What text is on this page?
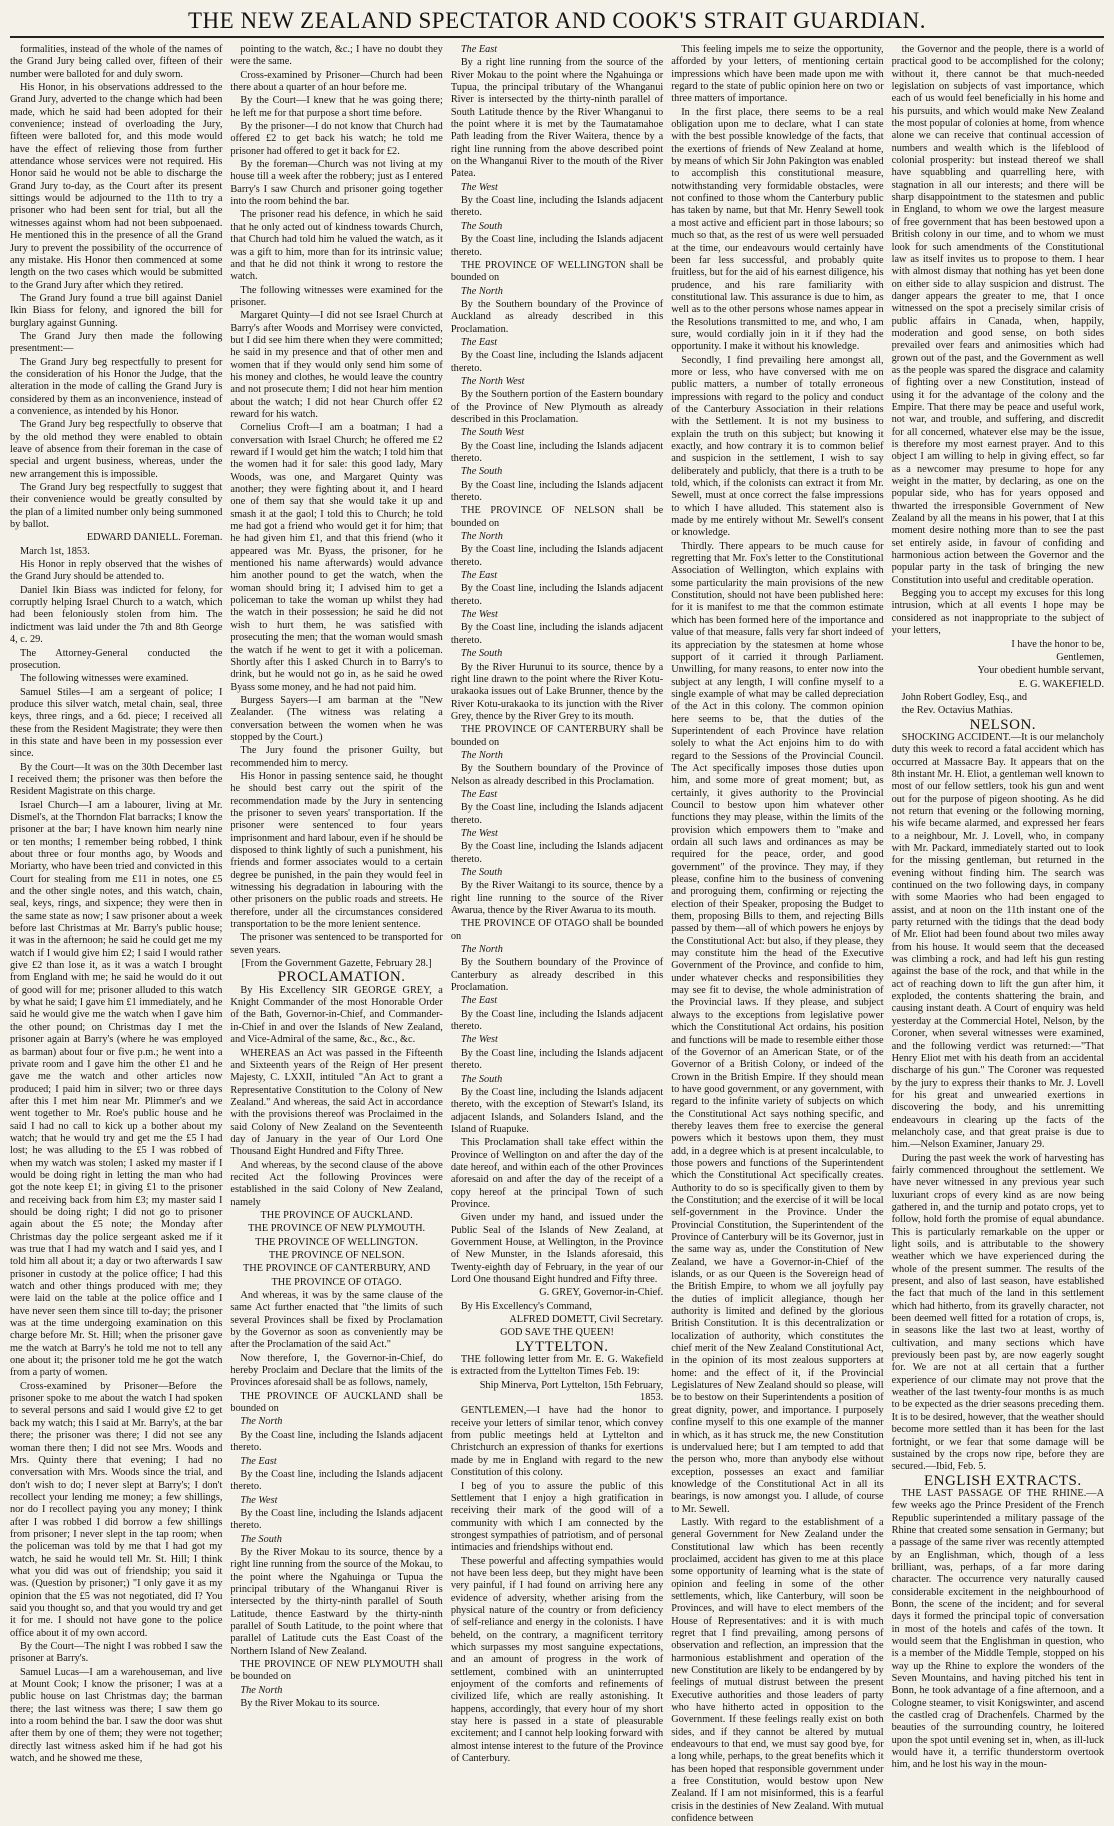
THE NEW ZEALAND SPECTATOR AND COOK'S STRAIT GUARDIAN.

formalities, instead of the whole of the names of the Grand Jury being called over, fifteen of their number were balloted for and duly sworn.

His Honor, in his observations addressed to the Grand Jury, adverted to the change which had been made, which he said had been adopted for their convenience; instead of overloading the Jury, fifteen were balloted for, and this mode would have the effect of relieving those from further attendance whose services were not required. His Honor said he would not be able to discharge the Grand Jury to-day, as the Court after its present sittings would be adjourned to the 11th to try a prisoner who had been sent for trial, but all the witnesses against whom had not been subpoenaed. He mentioned this in the presence of all the Grand Jury to prevent the possibility of the occurrence of any mistake. His Honor then commenced at some length on the two cases which would be submitted to the Grand Jury after which they retired.

The Grand Jury found a true bill against Daniel Ikin Biass for felony, and ignored the bill for burglary against Gunning.

The Grand Jury then made the following presentment:—

The Grand Jury beg respectfully to present for the consideration of his Honor the Judge, that the alteration in the mode of calling the Grand Jury is considered by them as an inconvenience, instead of a convenience, as intended by his Honor.

The Grand Jury beg respectfully to observe that by the old method they were enabled to obtain leave of absence from their foreman in the case of special and urgent business, whereas, under the new arrangement this is impossible.

The Grand Jury beg respectfully to suggest that their convenience would be greatly consulted by the plan of a limited number only being summoned by ballot.

EDWARD DANIELL. Foreman.

March 1st, 1853.

His Honor in reply observed that the wishes of the Grand Jury should be attended to.

Daniel Ikin Biass was indicted for felony, for corruptly helping Israel Church to a watch, which had been feloniously stolen from him. The indictment was laid under the 7th and 8th George 4, c. 29.

The Attorney-General conducted the prosecution.

The following witnesses were examined.

Samuel Stiles—I am a sergeant of police; I produce this silver watch, metal chain, seal, three keys, three rings, and a 6d. piece; I received all these from the Resident Magistrate; they were then in this state and have been in my possession ever since.

By the Court—It was on the 30th December last I received them; the prisoner was then before the Resident Magistrate on this charge.

Israel Church—I am a labourer, living at Mr. Dismel's, at the Thorndon Flat barracks; I know the prisoner at the bar; I have known him nearly nine or ten months; I remember being robbed, I think about three or four months ago, by Woods and Moriarty, who have been tried and convicted in this Court for stealing from me £11 in notes, one £5 and the other single notes, and this watch, chain, seal, keys, rings, and sixpence; they were then in the same state as now; I saw prisoner about a week before last Christmas at Mr. Barry's public house; it was in the afternoon; he said he could get me my watch if I would give him £2; I said I would rather give £2 than lose it, as it was a watch I brought from England with me; he said he would do it out of good will for me; prisoner alluded to this watch by what he said; I gave him £1 immediately, and he said he would give me the watch when I gave him the other pound; on Christmas day I met the prisoner again at Barry's (where he was employed as barman) about four or five p.m.; he went into a private room and I gave him the other £1 and he gave me the watch and other articles now produced; I paid him in silver; two or three days after this I met him near Mr. Plimmer's and we went together to Mr. Roe's public house and he said I had no call to kick up a bother about my watch; that he would try and get me the £5 I had lost; he was alluding to the £5 I was robbed of when my watch was stolen; I asked my master if I would be doing right in letting the man who had got the note keep £1; in giving £1 to the prisoner and receiving back from him £3; my master said I should be doing right; I did not go to prisoner again about the £5 note; the Monday after Christmas day the police sergeant asked me if it was true that I had my watch and I said yes, and I told him all about it; a day or two afterwards I saw prisoner in custody at the police office; I had this watch and other things produced with me; they were laid on the table at the police office and I have never seen them since till to-day; the prisoner was at the time undergoing examination on this charge before Mr. St. Hill; when the prisoner gave me the watch at Barry's he told me not to tell any one about it; the prisoner told me he got the watch from a party of women.

Cross-examined by Prisoner—Before the prisoner spoke to me about the watch I had spoken to several persons and said I would give £2 to get back my watch; this I said at Mr. Barry's, at the bar there; the prisoner was there; I did not see any woman there then; I did not see Mrs. Woods and Mrs. Quinty there that evening; I had no conversation with Mrs. Woods since the trial, and don't wish to do; I never slept at Barry's; I don't recollect your lending me money; a few shillings, nor do I recollect paying you any money; I think after I was robbed I did borrow a few shillings from prisoner; I never slept in the tap room; when the policeman was told by me that I had got my watch, he said he would tell Mr. St. Hill; I think what you did was out of friendship; you said it was. (Question by prisoner;) "I only gave it as my opinion that the £5 was not negotiated, did I? You said you thought so, and that you would try and get it for me. I should not have gone to the police office about it of my own accord.

By the Court—The night I was robbed I saw the prisoner at Barry's.

Samuel Lucas—I am a warehouseman, and live at Mount Cook; I know the prisoner; I was at a public house on last Christmas day; the barman there; the last witness was there; I saw them go into a room behind the bar. I saw the door was shut after them by one of them; they were not together; directly last witness asked him if he had got his watch, and he showed me these,

pointing to the watch, &c.; I have no doubt they were the same.

Cross-examined by Prisoner—Church had been there about a quarter of an hour before me.

By the Court—I knew that he was going there; he left me for that purpose a short time before.

By the prisoner—I do not know that Church had offered £2 to get back his watch; he told me prisoner had offered to get it back for £2.

By the foreman—Church was not living at my house till a week after the robbery; just as I entered Barry's I saw Church and prisoner going together into the room behind the bar.

The prisoner read his defence, in which he said that he only acted out of kindness towards Church, that Church had told him he valued the watch, as it was a gift to him, more than for its intrinsic value; and that he did not think it wrong to restore the watch.

The following witnesses were examined for the prisoner.

Margaret Quinty—I did not see Israel Church at Barry's after Woods and Morrisey were convicted, but I did see him there when they were committed; he said in my presence and that of other men and women that if they would only send him some of his money and clothes, he would leave the country and not prosecute them; I did not hear him mention about the watch; I did not hear Church offer £2 reward for his watch.

Cornelius Croft—I am a boatman; I had a conversation with Israel Church; he offered me £2 reward if I would get him the watch; I told him that the women had it for sale: this good lady, Mary Woods, was one, and Margaret Quinty was another; they were fighting about it, and I heard one of them say that she would take it up and smash it at the gaol; I told this to Church; he told me had got a friend who would get it for him; that he had given him £1, and that this friend (who it appeared was Mr. Byass, the prisoner, for he mentioned his name afterwards) would advance him another pound to get the watch, when the woman should bring it; I advised him to get a policeman to take the woman up whilst they had the watch in their possession; he said he did not wish to hurt them, he was satisfied with prosecuting the men; that the woman would smash the watch if he went to get it with a policeman. Shortly after this I asked Church in to Barry's to drink, but he would not go in, as he said he owed Byass some money, and he had not paid him.

Burgess Sayers—I am barman at the "New Zealander. (The witness was relating a conversation between the women when he was stopped by the Court.)

The Jury found the prisoner Guilty, but recommended him to mercy.

His Honor in passing sentence said, he thought he should best carry out the spirit of the recommendation made by the Jury in sentencing the prisoner to seven years' transportation. If the prisoner were sentenced to four years imprisonment and hard labour, even if he should be disposed to think lightly of such a punishment, his friends and former associates would to a certain degree be punished, in the pain they would feel in witnessing his degradation in labouring with the other prisoners on the public roads and streets. He therefore, under all the circumstances considered transportation to be the more lenient sentence.

The prisoner was sentenced to be transported for seven years.

[From the Government Gazette, February 28.]

PROCLAMATION.

By His Excellency SIR GEORGE GREY, a Knight Commander of the most Honorable Order of the Bath, Governor-in-Chief, and Commander-in-Chief in and over the Islands of New Zealand, and Vice-Admiral of the same, &c., &c., &c.

WHEREAS an Act was passed in the Fifteenth and Sixteenth years of the Reign of Her present Majesty, C. LXXII, intituled "An Act to grant a Representative Constitution to the Colony of New Zealand." And whereas, the said Act in accordance with the provisions thereof was Proclaimed in the said Colony of New Zealand on the Seventeenth day of January in the year of Our Lord One Thousand Eight Hundred and Fifty Three.

And whereas, by the second clause of the above recited Act the following Provinces were established in the said Colony of New Zealand, namely

THE PROVINCE OF AUCKLAND.

THE PROVINCE OF NEW PLYMOUTH.

THE PROVINCE OF WELLINGTON.

THE PROVINCE OF NELSON.

THE PROVINCE OF CANTERBURY, AND

THE PROVINCE OF OTAGO.

And whereas, it was by the same clause of the same Act further enacted that "the limits of such several Provinces shall be fixed by Proclamation by the Governor as soon as conveniently may be after the Proclamation of the said Act."

Now therefore, I, the Governor-in-Chief, do hereby Proclaim and Declare that the limits of the Provinces aforesaid shall be as follows, namely,

THE PROVINCE OF AUCKLAND shall be bounded on

The North

By the Coast line, including the Islands adjacent thereto.

The East

By the Coast line, including the Islands adjacent thereto.

The West

By the Coast line, including the Islands adjacent thereto.

The South

By the River Mokau to its source, thence by a right line running from the source of the Mokau, to the point where the Ngahuinga or Tupua the principal tributary of the Whanganui River is intersected by the thirty-ninth parallel of South Latitude, thence Eastward by the thirty-ninth parallel of South Latitude, to the point where that parallel of Latitude cuts the East Coast of the Northern Island of New Zealand.

THE PROVINCE OF NEW PLYMOUTH shall be bounded on

The North

By the River Mokau to its source.

The East

By a right line running from the source of the River Mokau to the point where the Ngahuinga or Tupua, the principal tributary of the Whanganui River is intersected by the thirty-ninth parallel of South Latitude thence by the River Whanganui to the point where it is met by the Taumatamahoe Path leading from the River Waitera, thence by a right line running from the above described point on the Whanganui River to the mouth of the River Patea.

The West

By the Coast line, including the Islands adjacent thereto.

The South

By the Coast line, including the Islands adjacent thereto.

THE PROVINCE OF WELLINGTON shall be bounded on

The North

By the Southern boundary of the Province of Auckland as already described in this Proclamation.

The East

By the Coast line, including the Islands adjacent thereto.

The North West

By the Southern portion of the Eastern boundary of the Province of New Plymouth as already described in this Proclamation.

The South West

By the Coast line, including the Islands adjacent thereto.

The South

By the Coast line, including the Islands adjacent thereto.

THE PROVINCE OF NELSON shall be bounded on

The North

By the Coast line, including the Islands adjacent thereto.

The East

By the Coast line, including the Islands adjacent thereto.

The West

By the Coast line, including the islands adjacent thereto.

The South

By the River Hurunui to its source, thence by a right line drawn to the point where the River Kotu-urakaoka issues out of Lake Brunner, thence by the River Kotu-urakaoka to its junction with the River Grey, thence by the River Grey to its mouth.

THE PROVINCE OF CANTERBURY shall be bounded on

The North

By the Southern boundary of the Province of Nelson as already described in this Proclamation.

The East

By the Coast line, including the Islands adjacent thereto.

The West

By the Coast line, including the Islands adjacent thereto.

The South

By the River Waitangi to its source, thence by a right line running to the source of the River Awarua, thence by the River Awarua to its mouth.

THE PROVINCE OF OTAGO shall be bounded on

The North

By the Southern boundary of the Province of Canterbury as already described in this Proclamation.

The East

By the Coast line, including the Islands adjacent thereto.

The West

By the Coast line, including the Islands adjacent thereto.

The South

By the Coast line, including the Islands adjacent thereto, with the exception of Stewart's Island, its adjacent Islands, and Solanders Island, and the Island of Ruapuke.

This Proclamation shall take effect within the Province of Wellington on and after the day of the date hereof, and within each of the other Provinces aforesaid on and after the day of the receipt of a copy hereof at the principal Town of such Province.

Given under my hand, and issued under the Public Seal of the Islands of New Zealand, at Government House, at Wellington, in the Province of New Munster, in the Islands aforesaid, this Twenty-eighth day of February, in the year of our Lord One thousand Eight hundred and Fifty three.

G. GREY, Governor-in-Chief.

By His Excellency's Command,

ALFRED DOMETT, Civil Secretary.

GOD SAVE THE QUEEN!

LYTTELTON.

THE following letter from Mr. E. G. Wakefield is extracted from the Lyttelton Times Feb. 19:

Ship Minerva, Port Lyttelton, 15th February, 1853.

GENTLEMEN,—I have had the honor to receive your letters of similar tenor, which convey from public meetings held at Lyttelton and Christchurch an expression of thanks for exertions made by me in England with regard to the new Constitution of this colony.

I beg of you to assure the public of this Settlement that I enjoy a high gratification in receiving their mark of the good will of a community with which I am connected by the strongest sympathies of patriotism, and of personal intimacies and friendships without end.

These powerful and affecting sympathies would not have been less deep, but they might have been very painful, if I had found on arriving here any evidence of adversity, whether arising from the physical nature of the country or from deficiency of self-reliance and energy in the colonists. I have beheld, on the contrary, a magnificent territory which surpasses my most sanguine expectations, and an amount of progress in the work of settlement, combined with an uninterrupted enjoyment of the comforts and refinements of civilized life, which are really astonishing. It happens, accordingly, that every hour of my short stay here is passed in a state of pleasurable excitement; and I cannot help looking forward with almost intense interest to the future of the Province of Canterbury.

This feeling impels me to seize the opportunity, afforded by your letters, of mentioning certain impressions which have been made upon me with regard to the state of public opinion here on two or three matters of importance.

In the first place, there seems to be a real obligation upon me to declare, what I can state with the best possible knowledge of the facts, that the exertions of friends of New Zealand at home, by means of which Sir John Pakington was enabled to accomplish this constitutional measure, notwithstanding very formidable obstacles, were not confined to those whom the Canterbury public has taken by name, but that Mr. Henry Sewell took a most active and efficient part in those labours; so much so that, as the rest of us were well persuaded at the time, our endeavours would certainly have been far less successful, and probably quite fruitless, but for the aid of his earnest diligence, his prudence, and his rare familiarity with constitutional law. This assurance is due to him, as well as to the other persons whose names appear in the Resolutions transmitted to me, and who, I am sure, would cordially join in it if they had the opportunity. I make it without his knowledge.

Secondly, I find prevailing here amongst all, more or less, who have conversed with me on public matters, a number of totally erroneous impressions with regard to the policy and conduct of the Canterbury Association in their relations with the Settlement. It is not my business to explain the truth on this subject; but knowing it exactly, and how contrary it is to common belief and suspicion in the settlement, I wish to say deliberately and publicly, that there is a truth to be told, which, if the colonists can extract it from Mr. Sewell, must at once correct the false impressions to which I have alluded. This statement also is made by me entirely without Mr. Sewell's consent or knowledge.

Thirdly. There appears to be much cause for regretting that Mr. Fox's letter to the Constitutional Association of Wellington, which explains with some particularity the main provisions of the new Constitution, should not have been published here: for it is manifest to me that the common estimate which has been formed here of the importance and value of that measure, falls very far short indeed of its appreciation by the statesmen at home whose support of it carried it through Parliament. Unwilling, for many reasons, to enter now into the subject at any length, I will confine myself to a single example of what may be called depreciation of the Act in this colony. The common opinion here seems to be, that the duties of the Superintendent of each Province have relation solely to what the Act enjoins him to do with regard to the Sessions of the Provincial Council. The Act specifically imposes those duties upon him, and some more of great moment; but, as certainly, it gives authority to the Provincial Council to bestow upon him whatever other functions they may please, within the limits of the provision which empowers them to "make and ordain all such laws and ordinances as may be required for the peace, order, and good government" of the province. They may, if they please, confine him to the business of convening and proroguing them, confirming or rejecting the election of their Speaker, proposing the Budget to them, proposing Bills to them, and rejecting Bills passed by them—all of which powers he enjoys by the Constitutional Act: but also, if they please, they may constitute him the head of the Executive Government of the Province, and confide to him, under whatever checks and responsibilities they may see fit to devise, the whole administration of the Provincial laws. If they please, and subject always to the exceptions from legislative power which the Constitutional Act ordains, his position and functions will be made to resemble either those of the Governor of an American State, or of the Governor of a British Colony, or indeed of the Crown in the British Empire. If they should mean to have good government, or any government, with regard to the infinite variety of subjects on which the Constitutional Act says nothing specific, and thereby leaves them free to exercise the general powers which it bestows upon them, they must add, in a degree which is at present incalculable, to those powers and functions of the Superintendent which the Constitutional Act specifically creates. Authority to do so is specifically given to them by the Constitution; and the exercise of it will be local self-government in the Province. Under the Provincial Constitution, the Superintendent of the Province of Canterbury will be its Governor, just in the same way as, under the Constitution of New Zealand, we have a Governor-in-Chief of the islands, or as our Queen is the Sovereign head of the British Empire, to whom we all joyfully pay the duties of implicit allegiance, though her authority is limited and defined by the glorious British Constitution. It is this decentralization or localization of authority, which constitutes the chief merit of the New Zealand Constitutional Act, in the opinion of its most zealous supporters at home: and the effect of it, if the Provincial Legislatures of New Zealand should so please, will be to bestow on their Superintendents a position of great dignity, power, and importance. I purposely confine myself to this one example of the manner in which, as it has struck me, the new Constitution is undervalued here; but I am tempted to add that the person who, more than anybody else without exception, possesses an exact and familiar knowledge of the Constitutional Act in all its bearings, is now amongst you. I allude, of course to Mr. Sewell.

Lastly. With regard to the establishment of a general Government for New Zealand under the Constitutional law which has been recently proclaimed, accident has given to me at this place some opportunity of learning what is the state of opinion and feeling in some of the other settlements, which, like Canterbury, will soon be Provinces, and will have to elect members of the House of Representatives: and it is with much regret that I find prevailing, among persons of observation and reflection, an impression that the harmonious establishment and operation of the new Constitution are likely to be endangered by by feelings of mutual distrust between the present Executive authorities and those leaders of party who have hitherto acted in opposition to the Government. If these feelings really exist on both sides, and if they cannot be altered by mutual endeavours to that end, we must say good bye, for a long while, perhaps, to the great benefits which it has been hoped that responsible government under a free Constitution, would bestow upon New Zealand. If I am not misinformed, this is a fearful crisis in the destinies of New Zealand. With mutual confidence between

the Governor and the people, there is a world of practical good to be accomplished for the colony; without it, there cannot be that much-needed legislation on subjects of vast importance, which each of us would feel beneficially in his home and his pursuits, and which would make New Zealand the most popular of colonies at home, from whence alone we can receive that continual accession of numbers and wealth which is the lifeblood of colonial prosperity: but instead thereof we shall have squabbling and quarrelling here, with stagnation in all our interests; and there will be sharp disappointment to the statesmen and public in England, to whom we owe the largest measure of free government that has been bestowed upon a British colony in our time, and to whom we must look for such amendments of the Constitutional law as itself invites us to propose to them. I hear with almost dismay that nothing has yet been done on either side to allay suspicion and distrust. The danger appears the greater to me, that I once witnessed on the spot a precisely similar crisis of public affairs in Canada, when, happily, moderation and good sense, on both sides prevailed over fears and animosities which had grown out of the past, and the Government as well as the people was spared the disgrace and calamity of fighting over a new Constitution, instead of using it for the advantage of the colony and the Empire. That there may be peace and useful work, not war, and trouble, and suffering, and discredit for all concerned, whatever else may be the issue, is therefore my most earnest prayer. And to this object I am willing to help in giving effect, so far as a newcomer may presume to hope for any weight in the matter, by declaring, as one on the popular side, who has for years opposed and thwarted the irresponsible Government of New Zealand by all the means in his power, that I at this moment desire nothing more than to see the past set entirely aside, in favour of confiding and harmonious action between the Governor and the popular party in the task of bringing the new Constitution into useful and creditable operation.

Begging you to accept my excuses for this long intrusion, which at all events I hope may be considered as not inappropriate to the subject of your letters,

I have the honor to be,

Gentlemen,

Your obedient humble servant,

E. G. WAKEFIELD.

John Robert Godley, Esq., and

the Rev. Octavius Mathias.

NELSON.

SHOCKING ACCIDENT.—It is our melancholy duty this week to record a fatal accident which has occurred at Massacre Bay. It appears that on the 8th instant Mr. H. Eliot, a gentleman well known to most of our fellow settlers, took his gun and went out for the purpose of pigeon shooting. As he did not return that evening or the following morning, his wife became alarmed, and expressed her fears to a neighbour, Mr. J. Lovell, who, in company with Mr. Packard, immediately started out to look for the missing gentleman, but returned in the evening without finding him. The search was continued on the two following days, in company with some Maories who had been engaged to assist, and at noon on the 11th instant one of the party returned with the tidings that the dead body of Mr. Eliot had been found about two miles away from his house. It would seem that the deceased was climbing a rock, and had left his gun resting against the base of the rock, and that while in the act of reaching down to lift the gun after him, it exploded, the contents shattering the brain, and causing instant death. A Court of enquiry was held yesterday at the Commercial Hotel, Nelson, by the Coroner, when several witnesses were examined, and the following verdict was returned:—"That Henry Eliot met with his death from an accidental discharge of his gun." The Coroner was requested by the jury to express their thanks to Mr. J. Lovell for his great and unwearied exertions in discovering the body, and his unremitting endeavours in clearing up the facts of the melancholy case, and that great praise is due to him.—Nelson Examiner, January 29.

During the past week the work of harvesting has fairly commenced throughout the settlement. We have never witnessed in any previous year such luxuriant crops of every kind as are now being gathered in, and the turnip and potato crops, yet to follow, hold forth the promise of equal abundance. This is particularly remarkable on the upper or light soils, and is attributable to the showery weather which we have experienced during the whole of the present summer. The results of the present, and also of last season, have established the fact that much of the land in this settlement which had hitherto, from its gravelly character, not been deemed well fitted for a rotation of crops, is, in seasons like the last two at least, worthy of cultivation, and many sections which have previously been past by, are now eagerly sought for. We are not at all certain that a further experience of our climate may not prove that the weather of the last twenty-four months is as much to be expected as the drier seasons preceding them. It is to be desired, however, that the weather should become more settled than it has been for the last fortnight, or we fear that some damage will be sustained by the crops now ripe, before they are secured.—Ibid, Feb. 5.

ENGLISH EXTRACTS.

THE LAST PASSAGE OF THE RHINE.—A few weeks ago the Prince President of the French Republic superintended a military passage of the Rhine that created some sensation in Germany; but a passage of the same river was recently attempted by an Englishman, which, though of a less brilliant, was, perhaps, of a far more daring character. The occurrence very naturally caused considerable excitement in the neighbourhood of Bonn, the scene of the incident; and for several days it formed the principal topic of conversation in most of the hotels and cafés of the town. It would seem that the Englishman in question, who is a member of the Middle Temple, stopped on his way up the Rhine to explore the wonders of the Seven Mountains, and having pitched his tent in Bonn, he took advantage of a fine afternoon, and a Cologne steamer, to visit Konigswinter, and ascend the castled crag of Drachenfels. Charmed by the beauties of the surrounding country, he loitered upon the spot until evening set in, when, as ill-luck would have it, a terrific thunderstorm overtook him, and he lost his way in the moun-
